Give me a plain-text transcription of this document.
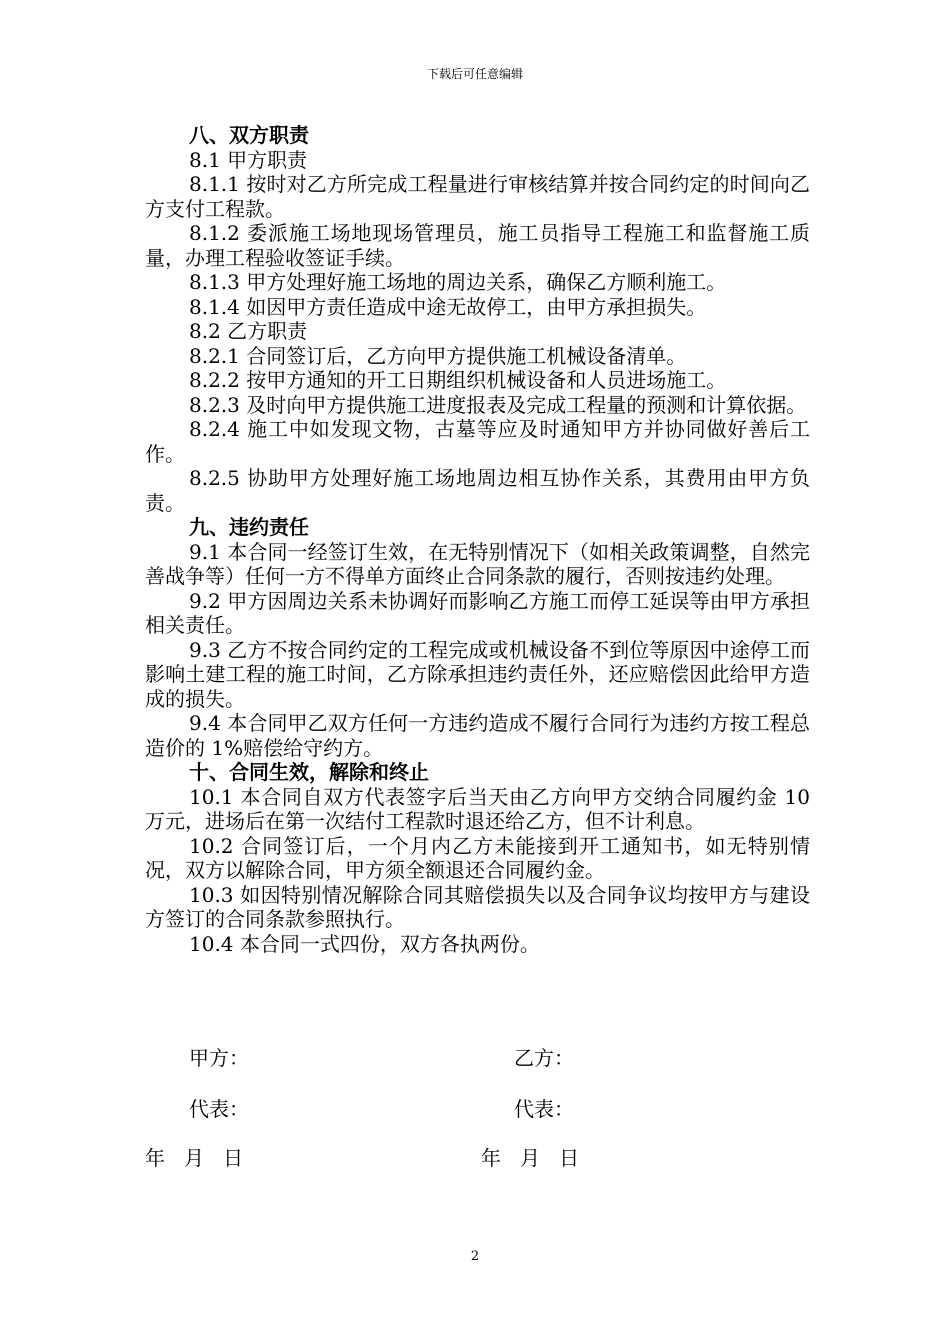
下载后可任意编辑

八、双方职责

8.1 甲方职责

8.1.1 按时对乙方所完成工程量进行审核结算并按合同约定的时间向乙方支付工程款。

8.1.2 委派施工场地现场管理员，施工员指导工程施工和监督施工质量，办理工程验收签证手续。

8.1.3 甲方处理好施工场地的周边关系，确保乙方顺利施工。

8.1.4 如因甲方责任造成中途无故停工，由甲方承担损失。

8.2 乙方职责

8.2.1 合同签订后，乙方向甲方提供施工机械设备清单。

8.2.2 按甲方通知的开工日期组织机械设备和人员进场施工。

8.2.3 及时向甲方提供施工进度报表及完成工程量的预测和计算依据。

8.2.4 施工中如发现文物，古墓等应及时通知甲方并协同做好善后工作。

8.2.5 协助甲方处理好施工场地周边相互协作关系，其费用由甲方负责。

九、违约责任

9.1 本合同一经签订生效，在无特别情况下（如相关政策调整，自然完善战争等）任何一方不得单方面终止合同条款的履行，否则按违约处理。

9.2 甲方因周边关系未协调好而影响乙方施工而停工延误等由甲方承担相关责任。

9.3 乙方不按合同约定的工程完成或机械设备不到位等原因中途停工而影响土建工程的施工时间，乙方除承担违约责任外，还应赔偿因此给甲方造成的损失。

9.4 本合同甲乙双方任何一方违约造成不履行合同行为违约方按工程总造价的 1%赔偿给守约方。

十、合同生效，解除和终止

10.1 本合同自双方代表签字后当天由乙方向甲方交纳合同履约金 10 万元，进场后在第一次结付工程款时退还给乙方，但不计利息。

10.2 合同签订后，一个月内乙方未能接到开工通知书，如无特别情况，双方以解除合同，甲方须全额退还合同履约金。

10.3 如因特别情况解除合同其赔偿损失以及合同争议均按甲方与建设方签订的合同条款参照执行。

10.4 本合同一式四份，双方各执两份。

甲方：	乙方：
代表：	代表：
年   月   日	年   月   日
2
